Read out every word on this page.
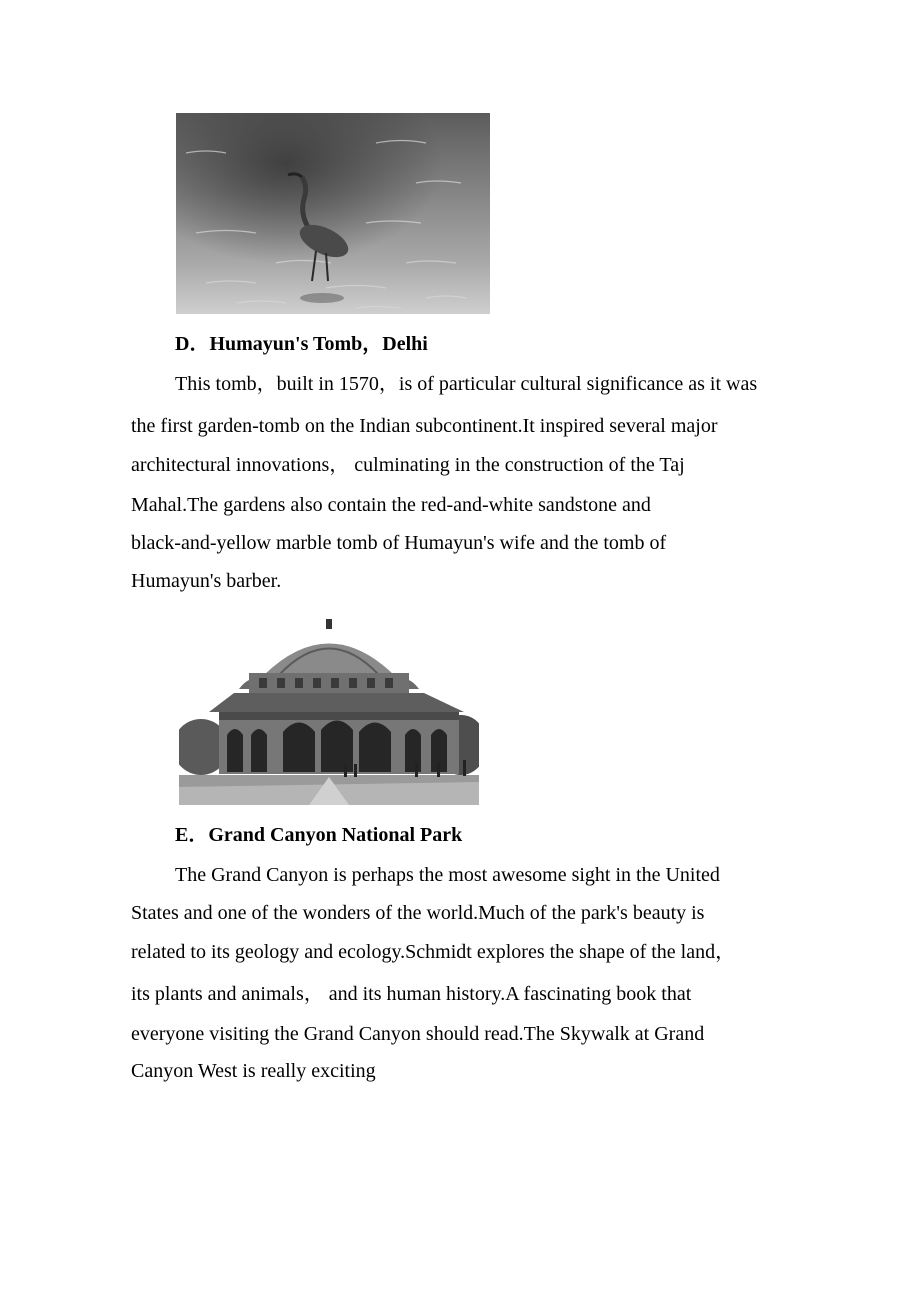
D．Humayun's Tomb，Delhi
This tomb，built in 1570，is of particular cultural significance as it was
the first garden-tomb on the Indian subcontinent.It inspired several major
architectural innovations， culminating in the construction of the Taj
Mahal.The gardens also contain the red-and-white sandstone and
black-and-yellow marble tomb of Humayun's wife and the tomb of
Humayun's barber.
E．Grand Canyon National Park
The Grand Canyon is perhaps the most awesome sight in the United
States and one of the wonders of the world.Much of the park's beauty is
related to its geology and ecology.Schmidt explores the shape of the land，
its plants and animals， and its human history.A fascinating book that
everyone visiting the Grand Canyon should read.The Skywalk at Grand
Canyon West is really exciting
